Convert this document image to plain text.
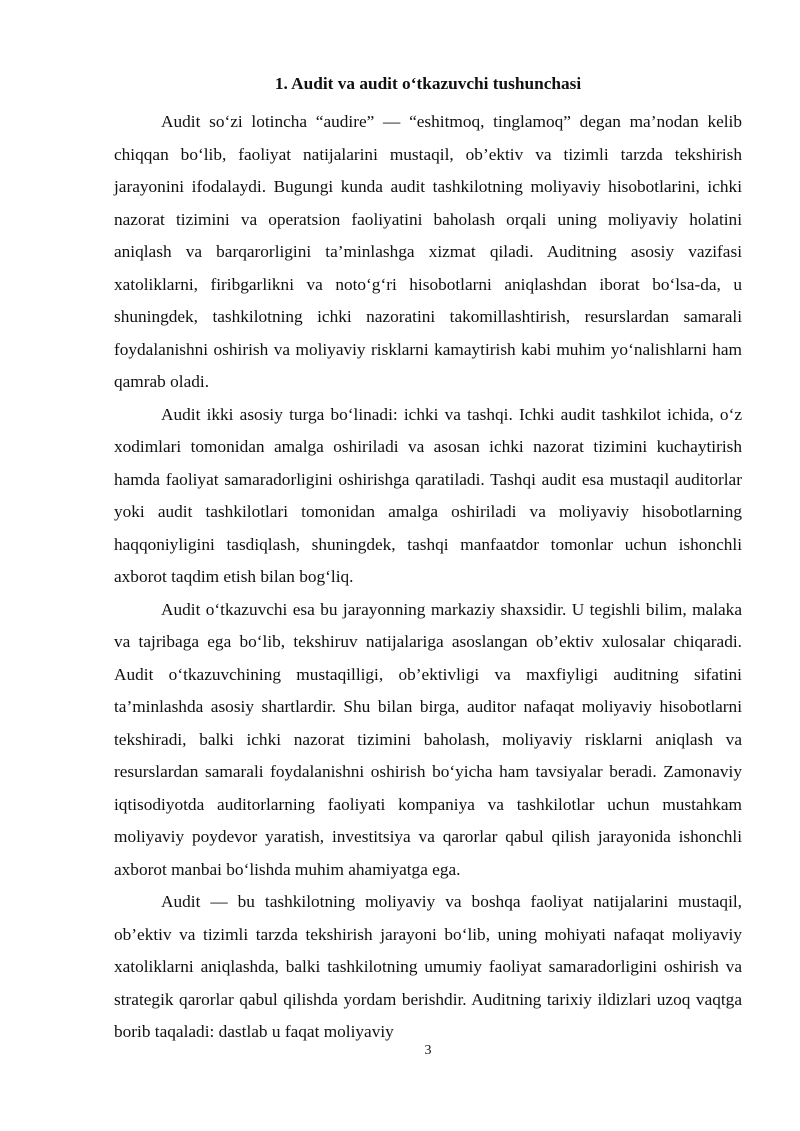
1. Audit va audit o‘tkazuvchi tushunchasi

Audit so‘zi lotincha “audire” — “eshitmoq, tinglamoq” degan ma’nodan kelib chiqqan bo‘lib, faoliyat natijalarini mustaqil, ob’ektiv va tizimli tarzda tekshirish jarayonini ifodalaydi. Bugungi kunda audit tashkilotning moliyaviy hisobotlarini, ichki nazorat tizimini va operatsion faoliyatini baholash orqali uning moliyaviy holatini aniqlash va barqarorligini ta’minlashga xizmat qiladi. Auditning asosiy vazifasi xatoliklarni, firibgarlikni va noto‘g‘ri hisobotlarni aniqlashdan iborat bo‘lsa-da, u shuningdek, tashkilotning ichki nazoratini takomillashtirish, resurslardan samarali foydalanishni oshirish va moliyaviy risklarni kamaytirish kabi muhim yo‘nalishlarni ham qamrab oladi.

Audit ikki asosiy turga bo‘linadi: ichki va tashqi. Ichki audit tashkilot ichida, o‘z xodimlari tomonidan amalga oshiriladi va asosan ichki nazorat tizimini kuchaytirish hamda faoliyat samaradorligini oshirishga qaratiladi. Tashqi audit esa mustaqil auditorlar yoki audit tashkilotlari tomonidan amalga oshiriladi va moliyaviy hisobotlarning haqqoniyligini tasdiqlash, shuningdek, tashqi manfaatdor tomonlar uchun ishonchli axborot taqdim etish bilan bog‘liq.

Audit o‘tkazuvchi esa bu jarayonning markaziy shaxsidir. U tegishli bilim, malaka va tajribaga ega bo‘lib, tekshiruv natijalariga asoslangan ob’ektiv xulosalar chiqaradi. Audit o‘tkazuvchining mustaqilligi, ob’ektivligi va maxfiyligi auditning sifatini ta’minlashda asosiy shartlardir. Shu bilan birga, auditor nafaqat moliyaviy hisobotlarni tekshiradi, balki ichki nazorat tizimini baholash, moliyaviy risklarni aniqlash va resurslardan samarali foydalanishni oshirish bo‘yicha ham tavsiyalar beradi. Zamonaviy iqtisodiyotda auditorlarning faoliyati kompaniya va tashkilotlar uchun mustahkam moliyaviy poydevor yaratish, investitsiya va qarorlar qabul qilish jarayonida ishonchli axborot manbai bo‘lishda muhim ahamiyatga ega.

Audit — bu tashkilotning moliyaviy va boshqa faoliyat natijalarini mustaqil, ob’ektiv va tizimli tarzda tekshirish jarayoni bo‘lib, uning mohiyati nafaqat moliyaviy xatoliklarni aniqlashda, balki tashkilotning umumiy faoliyat samaradorligini oshirish va strategik qarorlar qabul qilishda yordam berishdir. Auditning tarixiy ildizlari uzoq vaqtga borib taqaladi: dastlab u faqat moliyaviy

3
